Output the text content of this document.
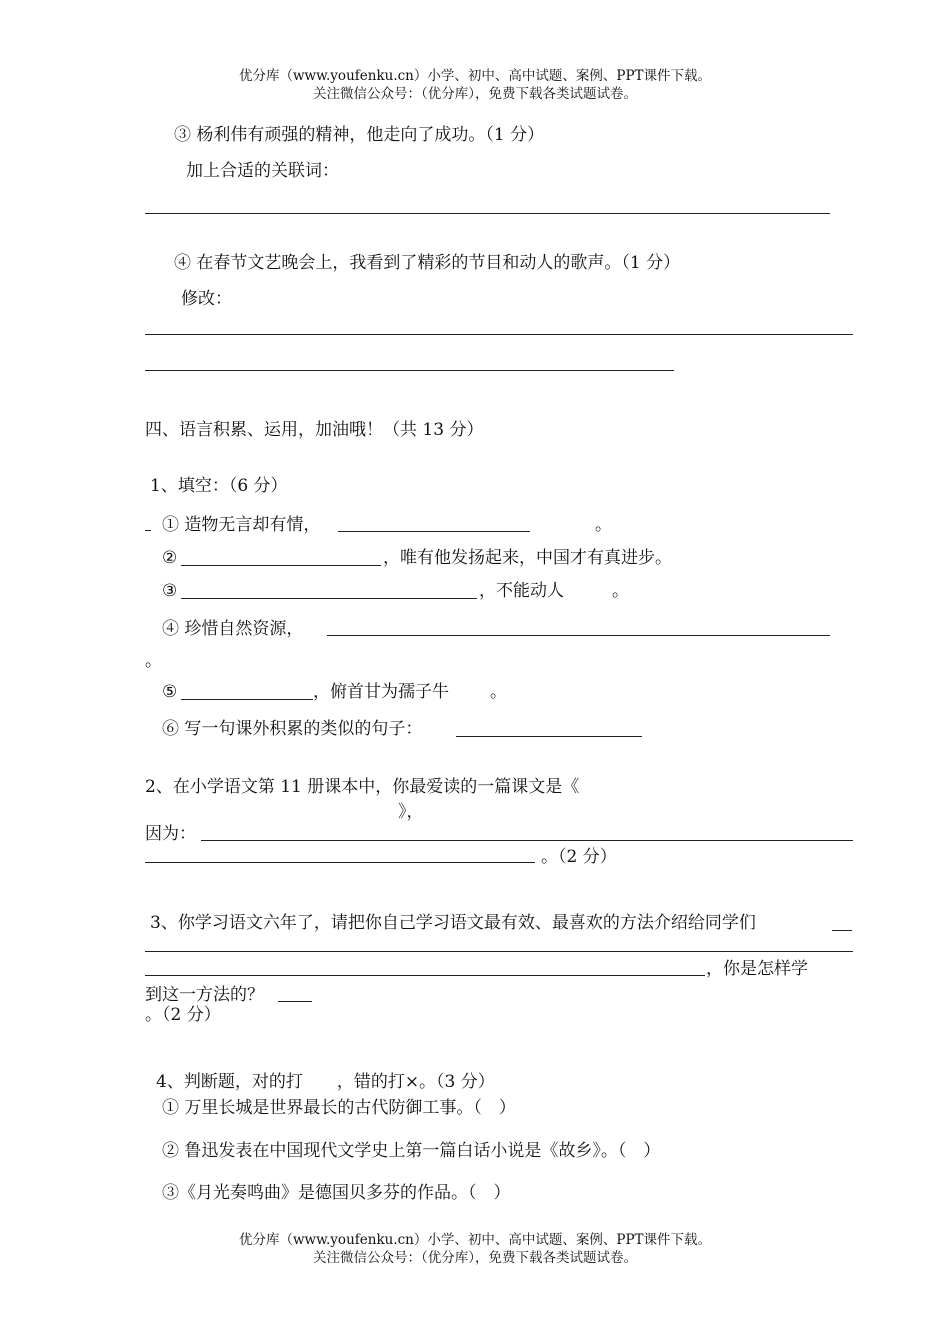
优分库（www.youfenku.cn）小学、初中、高中试题、案例、PPT课件下载。
关注微信公众号：（优分库），免费下载各类试题试卷。
③ 杨利伟有顽强的精神，他走向了成功。（1 分）
加上合适的关联词：
④ 在春节文艺晚会上，我看到了精彩的节目和动人的歌声。（1 分）
修改：
四、语言积累、运用，加油哦！（共 13 分）
1、填空：（6 分）
① 造物无言却有情，	。
②	，唯有他发扬起来，中国才有真进步。
③	，不能动人	。
④ 珍惜自然资源，
。
⑤	，俯首甘为孺子牛 。
⑥ 写一句课外积累的类似的句子：
2、在小学语文第 11 册课本中，你最爱读的一篇课文是《
》，
因为：
。（2 分）
3、你学习语文六年了，请把你自己学习语文最有效、最喜欢的方法介绍给同学们
，你是怎样学
到这一方法的？
。（2 分）
4、判断题，对的打　　，错的打×。（3 分）
① 万里长城是世界最长的古代防御工事。（　）
② 鲁迅发表在中国现代文学史上第一篇白话小说是《故乡》。（　）
③《月光奏鸣曲》是德国贝多芬的作品。（　）
优分库（www.youfenku.cn）小学、初中、高中试题、案例、PPT课件下载。
关注微信公众号：（优分库），免费下载各类试题试卷。
